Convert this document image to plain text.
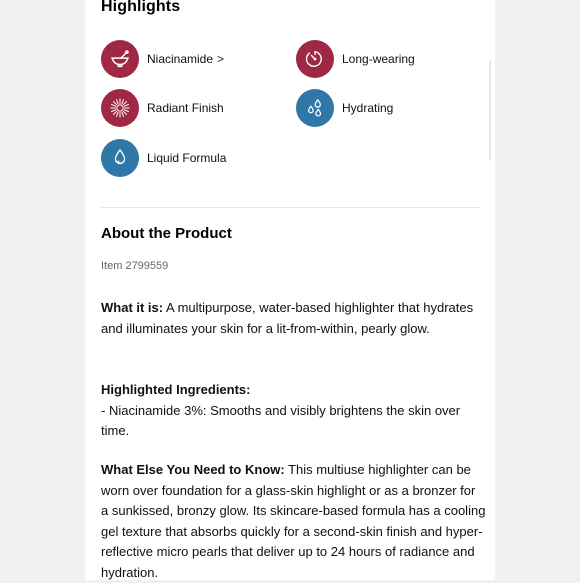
Highlights
Niacinamide >	Long-wearing
Radiant Finish	Hydrating
Liquid Formula
About the Product
Item 2799559

What it is: A multipurpose, water-based highlighter that hydrates and illuminates your skin for a lit-from-within, pearly glow.

Highlighted Ingredients:
- Niacinamide 3%: Smooths and visibly brightens the skin over time.

What Else You Need to Know: This multiuse highlighter can be worn over foundation for a glass-skin highlight or as a bronzer for a sunkissed, bronzy glow. Its skincare-based formula has a cooling gel texture that absorbs quickly for a second-skin finish and hyper-reflective micro pearls that deliver up to 24 hours of radiance and hydration.
